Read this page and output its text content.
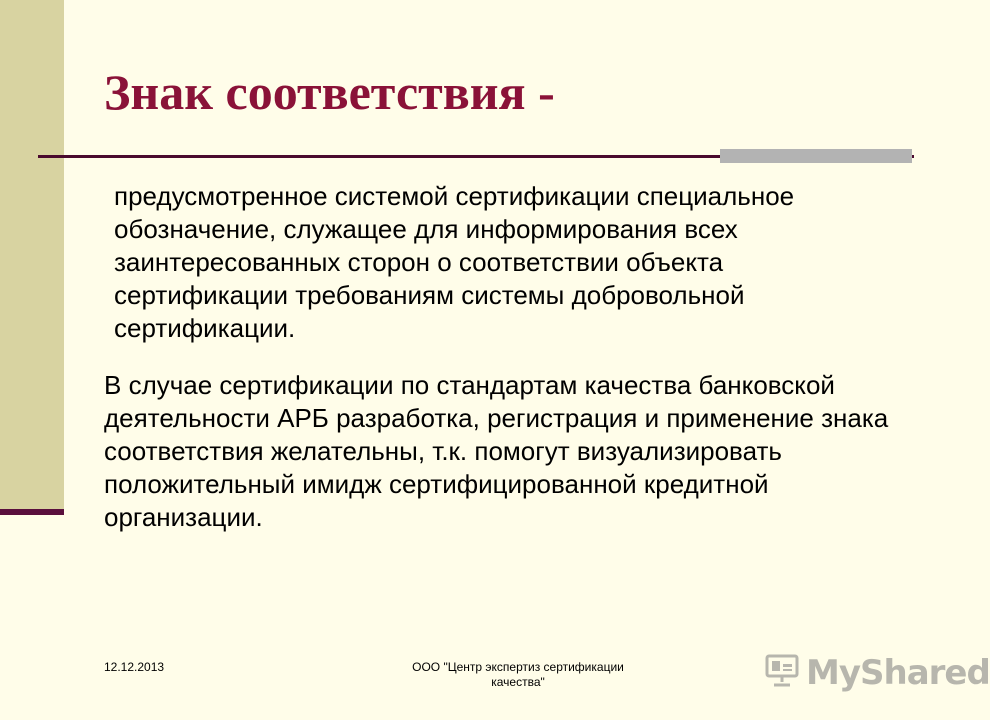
Знак соответствия -

предусмотренное системой сертификации специальное обозначение, служащее для информирования всех заинтересованных сторон о соответствии объекта сертификации требованиям системы добровольной сертификации.

В случае сертификации по стандартам качества банковской деятельности АРБ разработка, регистрация и применение знака соответствия желательны, т.к. помогут визуализировать положительный имидж сертифицированной кредитной организации.

12.12.2013	ООО "Центр экспертиз сертификации качества"	MyShared
